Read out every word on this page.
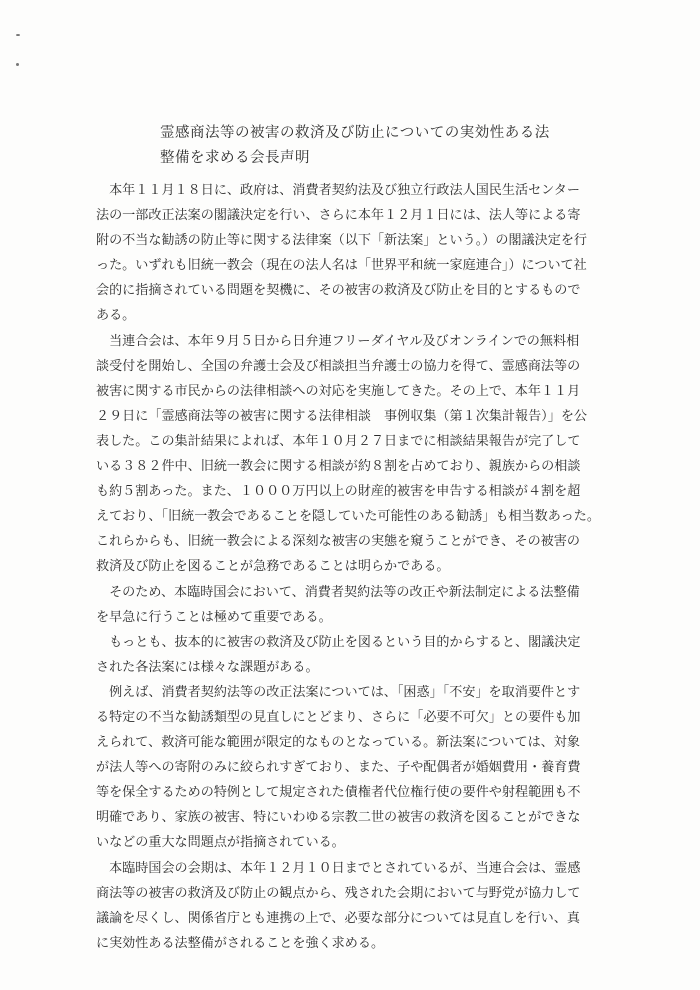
霊感商法等の被害の救済及び防止についての実効性ある法
整備を求める会長声明

　本年１１月１８日に、政府は、消費者契約法及び独立行政法人国民生活センター
法の一部改正法案の閣議決定を行い、さらに本年１２月１日には、法人等による寄
附の不当な勧誘の防止等に関する法律案（以下「新法案」という。）の閣議決定を行
った。いずれも旧統一教会（現在の法人名は「世界平和統一家庭連合」）について社
会的に指摘されている問題を契機に、その被害の救済及び防止を目的とするもので
ある。

　当連合会は、本年９月５日から日弁連フリーダイヤル及びオンラインでの無料相
談受付を開始し、全国の弁護士会及び相談担当弁護士の協力を得て、霊感商法等の
被害に関する市民からの法律相談への対応を実施してきた。その上で、本年１１月
２９日に「霊感商法等の被害に関する法律相談　事例収集（第１次集計報告）」を公
表した。この集計結果によれば、本年１０月２７日までに相談結果報告が完了して
いる３８２件中、旧統一教会に関する相談が約８割を占めており、親族からの相談
も約５割あった。また、１０００万円以上の財産的被害を申告する相談が４割を超
えており、「旧統一教会であることを隠していた可能性のある勧誘」も相当数あった。
これらからも、旧統一教会による深刻な被害の実態を窺うことができ、その被害の
救済及び防止を図ることが急務であることは明らかである。

　そのため、本臨時国会において、消費者契約法等の改正や新法制定による法整備
を早急に行うことは極めて重要である。

　もっとも、抜本的に被害の救済及び防止を図るという目的からすると、閣議決定
された各法案には様々な課題がある。

　例えば、消費者契約法等の改正法案については、「困惑」「不安」を取消要件とす
る特定の不当な勧誘類型の見直しにとどまり、さらに「必要不可欠」との要件も加
えられて、救済可能な範囲が限定的なものとなっている。新法案については、対象
が法人等への寄附のみに絞られすぎており、また、子や配偶者が婚姻費用・養育費
等を保全するための特例として規定された債権者代位権行使の要件や射程範囲も不
明確であり、家族の被害、特にいわゆる宗教二世の被害の救済を図ることができな
いなどの重大な問題点が指摘されている。

　本臨時国会の会期は、本年１２月１０日までとされているが、当連合会は、霊感
商法等の被害の救済及び防止の観点から、残された会期において与野党が協力して
議論を尽くし、関係省庁とも連携の上で、必要な部分については見直しを行い、真
に実効性ある法整備がされることを強く求める。
